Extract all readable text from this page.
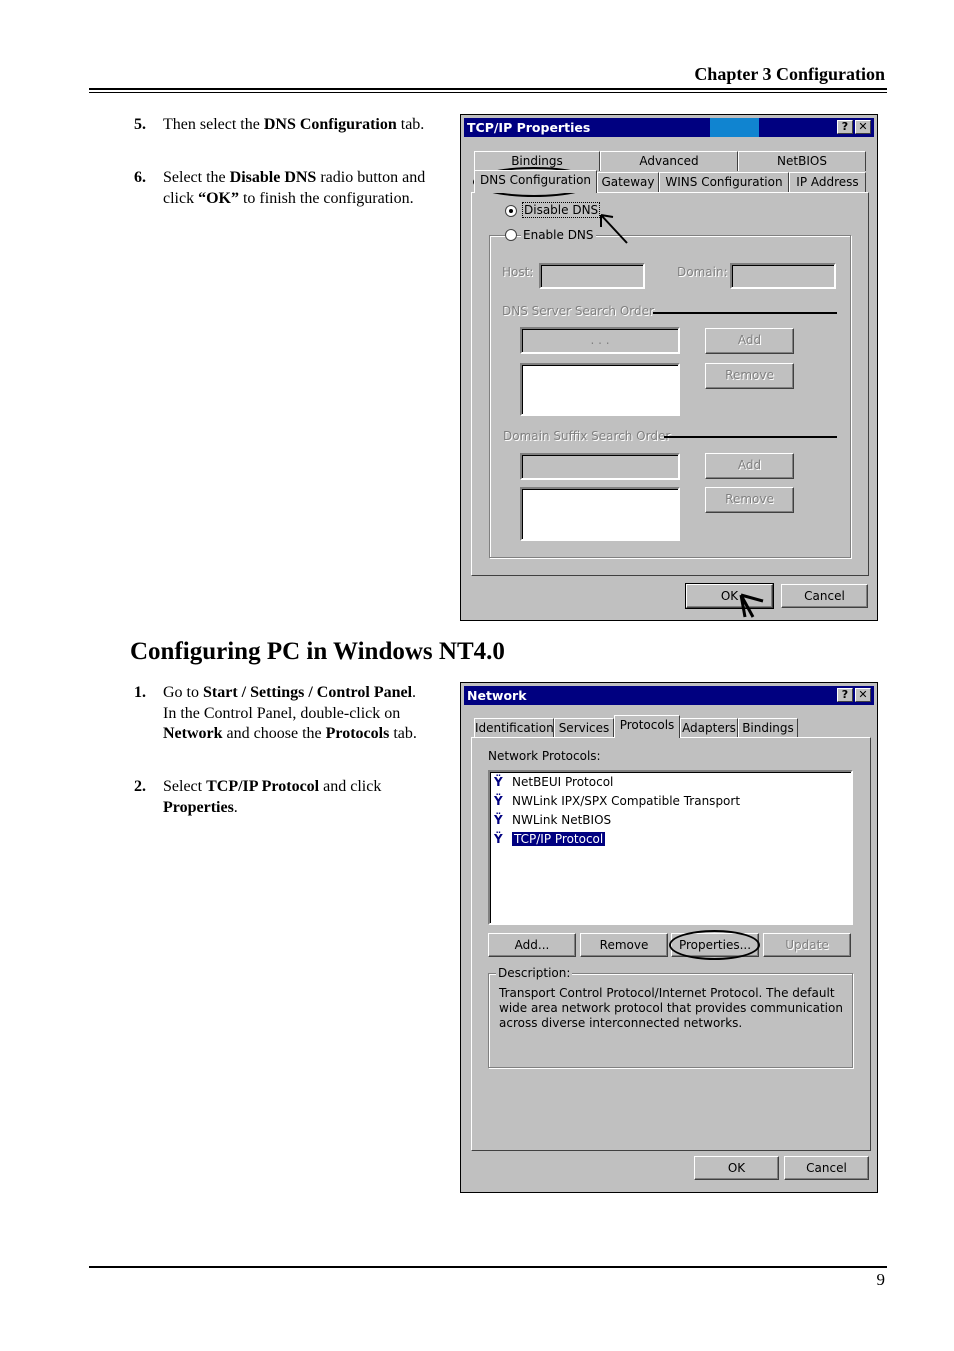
Chapter 3 Configuration
5. Then select the DNS Configuration tab.
6. Select the Disable DNS radio button and click “OK” to finish the configuration.
TCP/IP Properties	? ✕
Bindings	Advanced	NetBIOS
DNS Configuration Gateway WINS Configuration	IP Address
Disable DNS
Enable DNS
Host:	Domain:
DNS Server Search Order
. . .	Add
Remove
Domain Suffix Search Order
Add
Remove
OK	Cancel
Configuring PC in Windows NT4.0
1. Go to Start / Settings / Control Panel. In the Control Panel, double-click on Network and choose the Protocols tab.
2. Select TCP/IP Protocol and click Properties.
Network	? ✕
Identification Services Protocols Adapters Bindings
Network Protocols:
Ÿ NetBEUI Protocol
Ÿ NWLink IPX/SPX Compatible Transport
Ÿ NWLink NetBIOS
Ÿ TCP/IP Protocol
Add...	Remove	Properties...	Update
Description:
Transport Control Protocol/Internet Protocol. The default wide area network protocol that provides communication across diverse interconnected networks.
OK	Cancel
9
